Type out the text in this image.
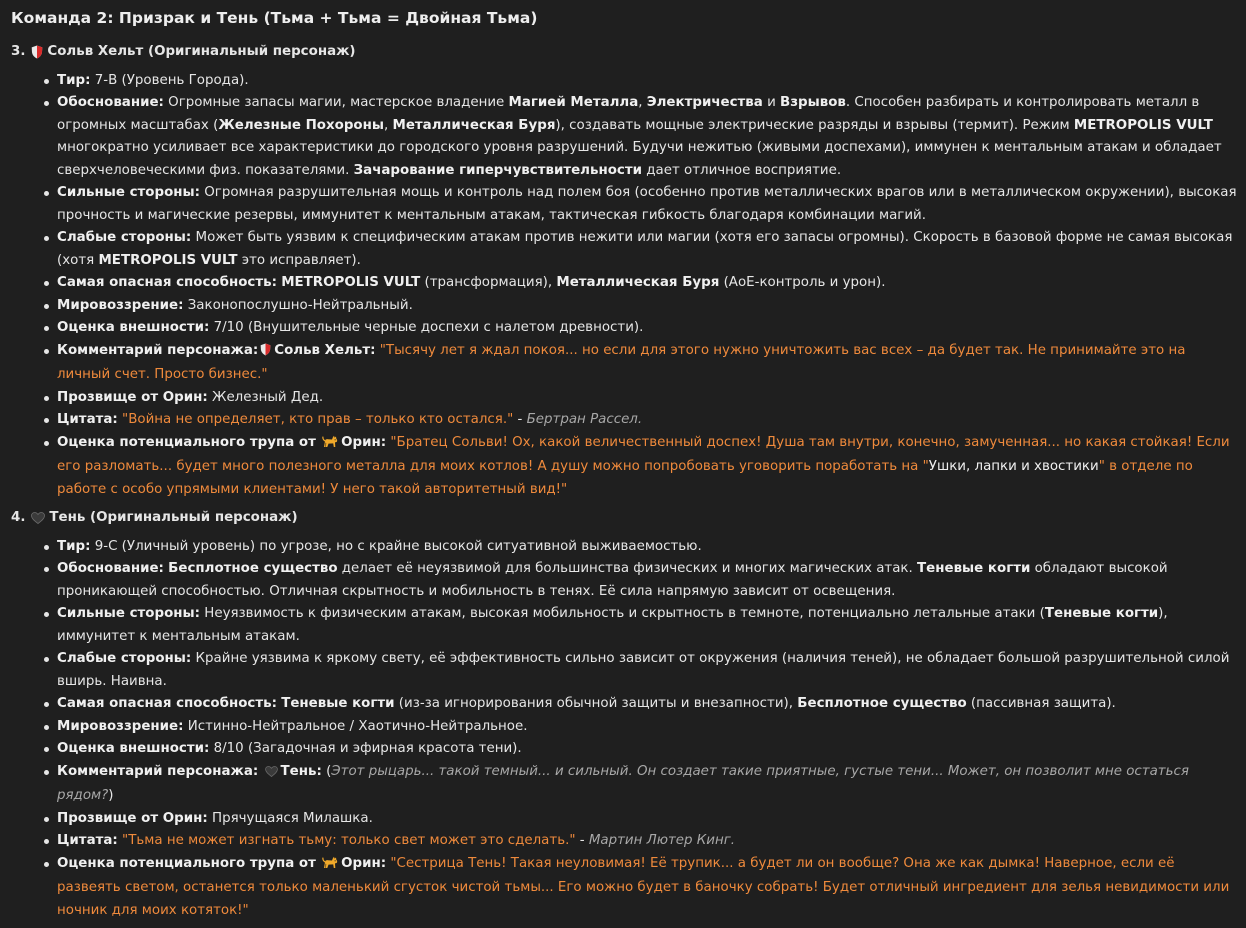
Команда 2: Призрак и Тень (Тьма + Тьма = Двойная Тьма)
3. Сольв Хельт (Оригинальный персонаж)
Тир: 7-B (Уровень Города).
Обоснование: Огромные запасы магии, мастерское владение Магией Металла, Электричества и Взрывов. Способен разбирать и контролировать металл в огромных масштабах (Железные Похороны, Металлическая Буря), создавать мощные электрические разряды и взрывы (термит). Режим METROPOLIS VULT многократно усиливает все характеристики до городского уровня разрушений. Будучи нежитью (живыми доспехами), иммунен к ментальным атакам и обладает сверхчеловеческими физ. показателями. Зачарование гиперчувствительности дает отличное восприятие.
Сильные стороны: Огромная разрушительная мощь и контроль над полем боя (особенно против металлических врагов или в металлическом окружении), высокая прочность и магические резервы, иммунитет к ментальным атакам, тактическая гибкость благодаря комбинации магий.
Слабые стороны: Может быть уязвим к специфическим атакам против нежити или магии (хотя его запасы огромны). Скорость в базовой форме не самая высокая (хотя METROPOLIS VULT это исправляет).
Самая опасная способность: METROPOLIS VULT (трансформация), Металлическая Буря (АоЕ-контроль и урон).
Мировоззрение: Законопослушно-Нейтральный.
Оценка внешности: 7/10 (Внушительные черные доспехи с налетом древности).
Комментарий персонажа: Сольв Хельт: "Тысячу лет я ждал покоя... но если для этого нужно уничтожить вас всех – да будет так. Не принимайте это на личный счет. Просто бизнес."
Прозвище от Орин: Железный Дед.
Цитата: "Война не определяет, кто прав – только кто остался." - Бертран Рассел.
Оценка потенциального трупа от Орин: "Братец Сольви! Ох, какой величественный доспех! Душа там внутри, конечно, замученная... но какая стойкая! Если его разломать... будет много полезного металла для моих котлов! А душу можно попробовать уговорить поработать на "Ушки, лапки и хвостики" в отделе по работе с особо упрямыми клиентами! У него такой авторитетный вид!"
4. Тень (Оригинальный персонаж)
Тир: 9-C (Уличный уровень) по угрозе, но с крайне высокой ситуативной выживаемостью.
Обоснование: Бесплотное существо делает её неуязвимой для большинства физических и многих магических атак. Теневые когти обладают высокой проникающей способностью. Отличная скрытность и мобильность в тенях. Её сила напрямую зависит от освещения.
Сильные стороны: Неуязвимость к физическим атакам, высокая мобильность и скрытность в темноте, потенциально летальные атаки (Теневые когти), иммунитет к ментальным атакам.
Слабые стороны: Крайне уязвима к яркому свету, её эффективность сильно зависит от окружения (наличия теней), не обладает большой разрушительной силой вширь. Наивна.
Самая опасная способность: Теневые когти (из-за игнорирования обычной защиты и внезапности), Бесплотное существо (пассивная защита).
Мировоззрение: Истинно-Нейтральное / Хаотично-Нейтральное.
Оценка внешности: 8/10 (Загадочная и эфирная красота тени).
Комментарий персонажа: Тень: (Этот рыцарь... такой темный... и сильный. Он создает такие приятные, густые тени... Может, он позволит мне остаться рядом?)
Прозвище от Орин: Прячущаяся Милашка.
Цитата: "Тьма не может изгнать тьму: только свет может это сделать." - Мартин Лютер Кинг.
Оценка потенциального трупа от Орин: "Сестрица Тень! Такая неуловимая! Её трупик... а будет ли он вообще? Она же как дымка! Наверное, если её развеять светом, останется только маленький сгусток чистой тьмы... Его можно будет в баночку собрать! Будет отличный ингредиент для зелья невидимости или ночник для моих котяток!"
